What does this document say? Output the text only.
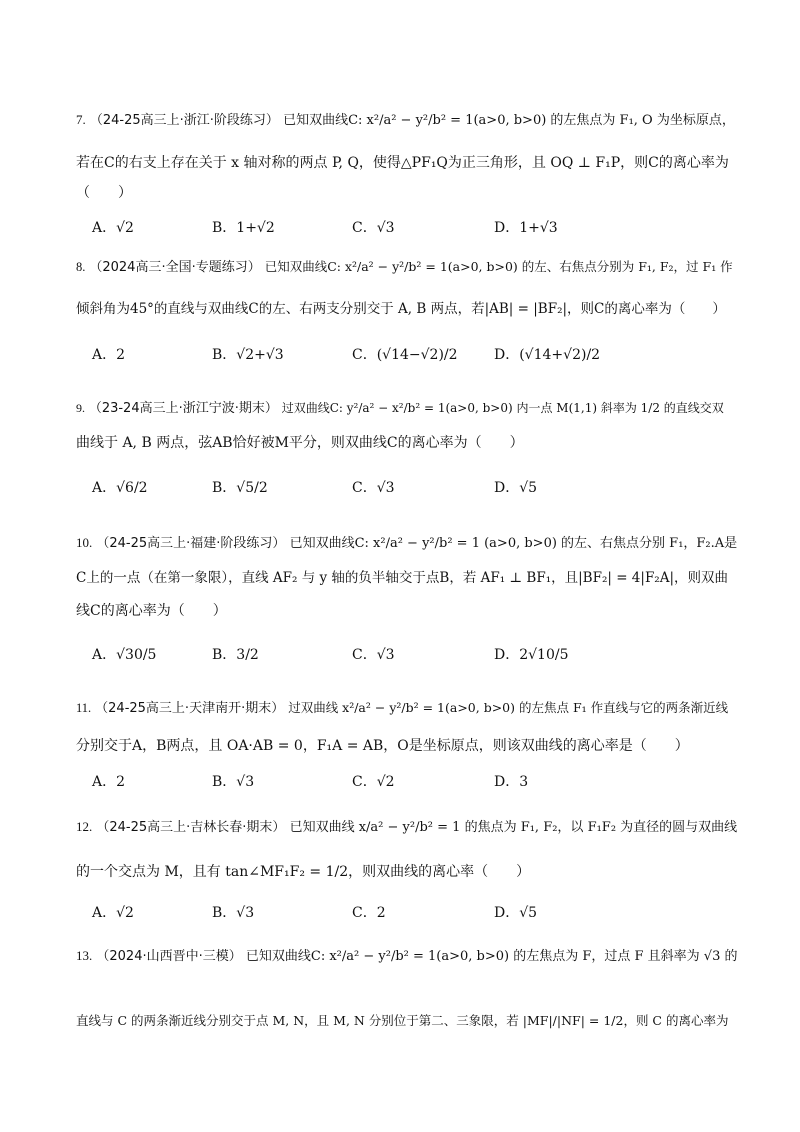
7. （24-25高三上·浙江·阶段练习） 已知双曲线C: x²/a² − y²/b² = 1(a>0, b>0) 的左焦点为 F₁, O 为坐标原点，
若在C的右支上存在关于 x 轴对称的两点 P, Q，使得△PF₁Q为正三角形，且 OQ ⊥ F₁P，则C的离心率为
（　　）
A．√2	B．1+√2	C．√3	D．1+√3
8. （2024高三·全国·专题练习） 已知双曲线C: x²/a² − y²/b² = 1(a>0, b>0) 的左、右焦点分别为 F₁, F₂，过 F₁ 作
倾斜角为45°的直线与双曲线C的左、右两支分别交于 A, B 两点，若|AB| = |BF₂|，则C的离心率为（　　）
A．2	B．√2+√3	C．(√14−√2)/2	D．(√14+√2)/2
9. （23-24高三上·浙江宁波·期末） 过双曲线C: y²/a² − x²/b² = 1(a>0, b>0) 内一点 M(1,1) 斜率为 1/2 的直线交双
曲线于 A, B 两点，弦AB恰好被M平分，则双曲线C的离心率为（　　）
A．√6/2	B．√5/2	C．√3	D．√5
10. （24-25高三上·福建·阶段练习） 已知双曲线C: x²/a² − y²/b² = 1 (a>0, b>0) 的左、右焦点分别 F₁，F₂.A是
C上的一点（在第一象限），直线 AF₂ 与 y 轴的负半轴交于点B，若 AF₁ ⊥ BF₁，且|BF₂| = 4|F₂A|，则双曲
线C的离心率为（　　）
A．√30/5	B．3/2	C．√3	D．2√10/5
11. （24-25高三上·天津南开·期末） 过双曲线 x²/a² − y²/b² = 1(a>0, b>0) 的左焦点 F₁ 作直线与它的两条渐近线
分别交于A，B两点，且 OA·AB = 0，F₁A = AB，O是坐标原点，则该双曲线的离心率是（　　）
A．2	B．√3	C．√2	D．3
12. （24-25高三上·吉林长春·期末） 已知双曲线 x/a² − y²/b² = 1 的焦点为 F₁, F₂，以 F₁F₂ 为直径的圆与双曲线
的一个交点为 M，且有 tan∠MF₁F₂ = 1/2，则双曲线的离心率（　　）
A．√2	B．√3	C．2	D．√5
13. （2024·山西晋中·三模） 已知双曲线C: x²/a² − y²/b² = 1(a>0, b>0) 的左焦点为 F，过点 F 且斜率为 √3 的
直线与 C 的两条渐近线分别交于点 M, N，且 M, N 分别位于第二、三象限，若 |MF|/|NF| = 1/2，则 C 的离心率为
